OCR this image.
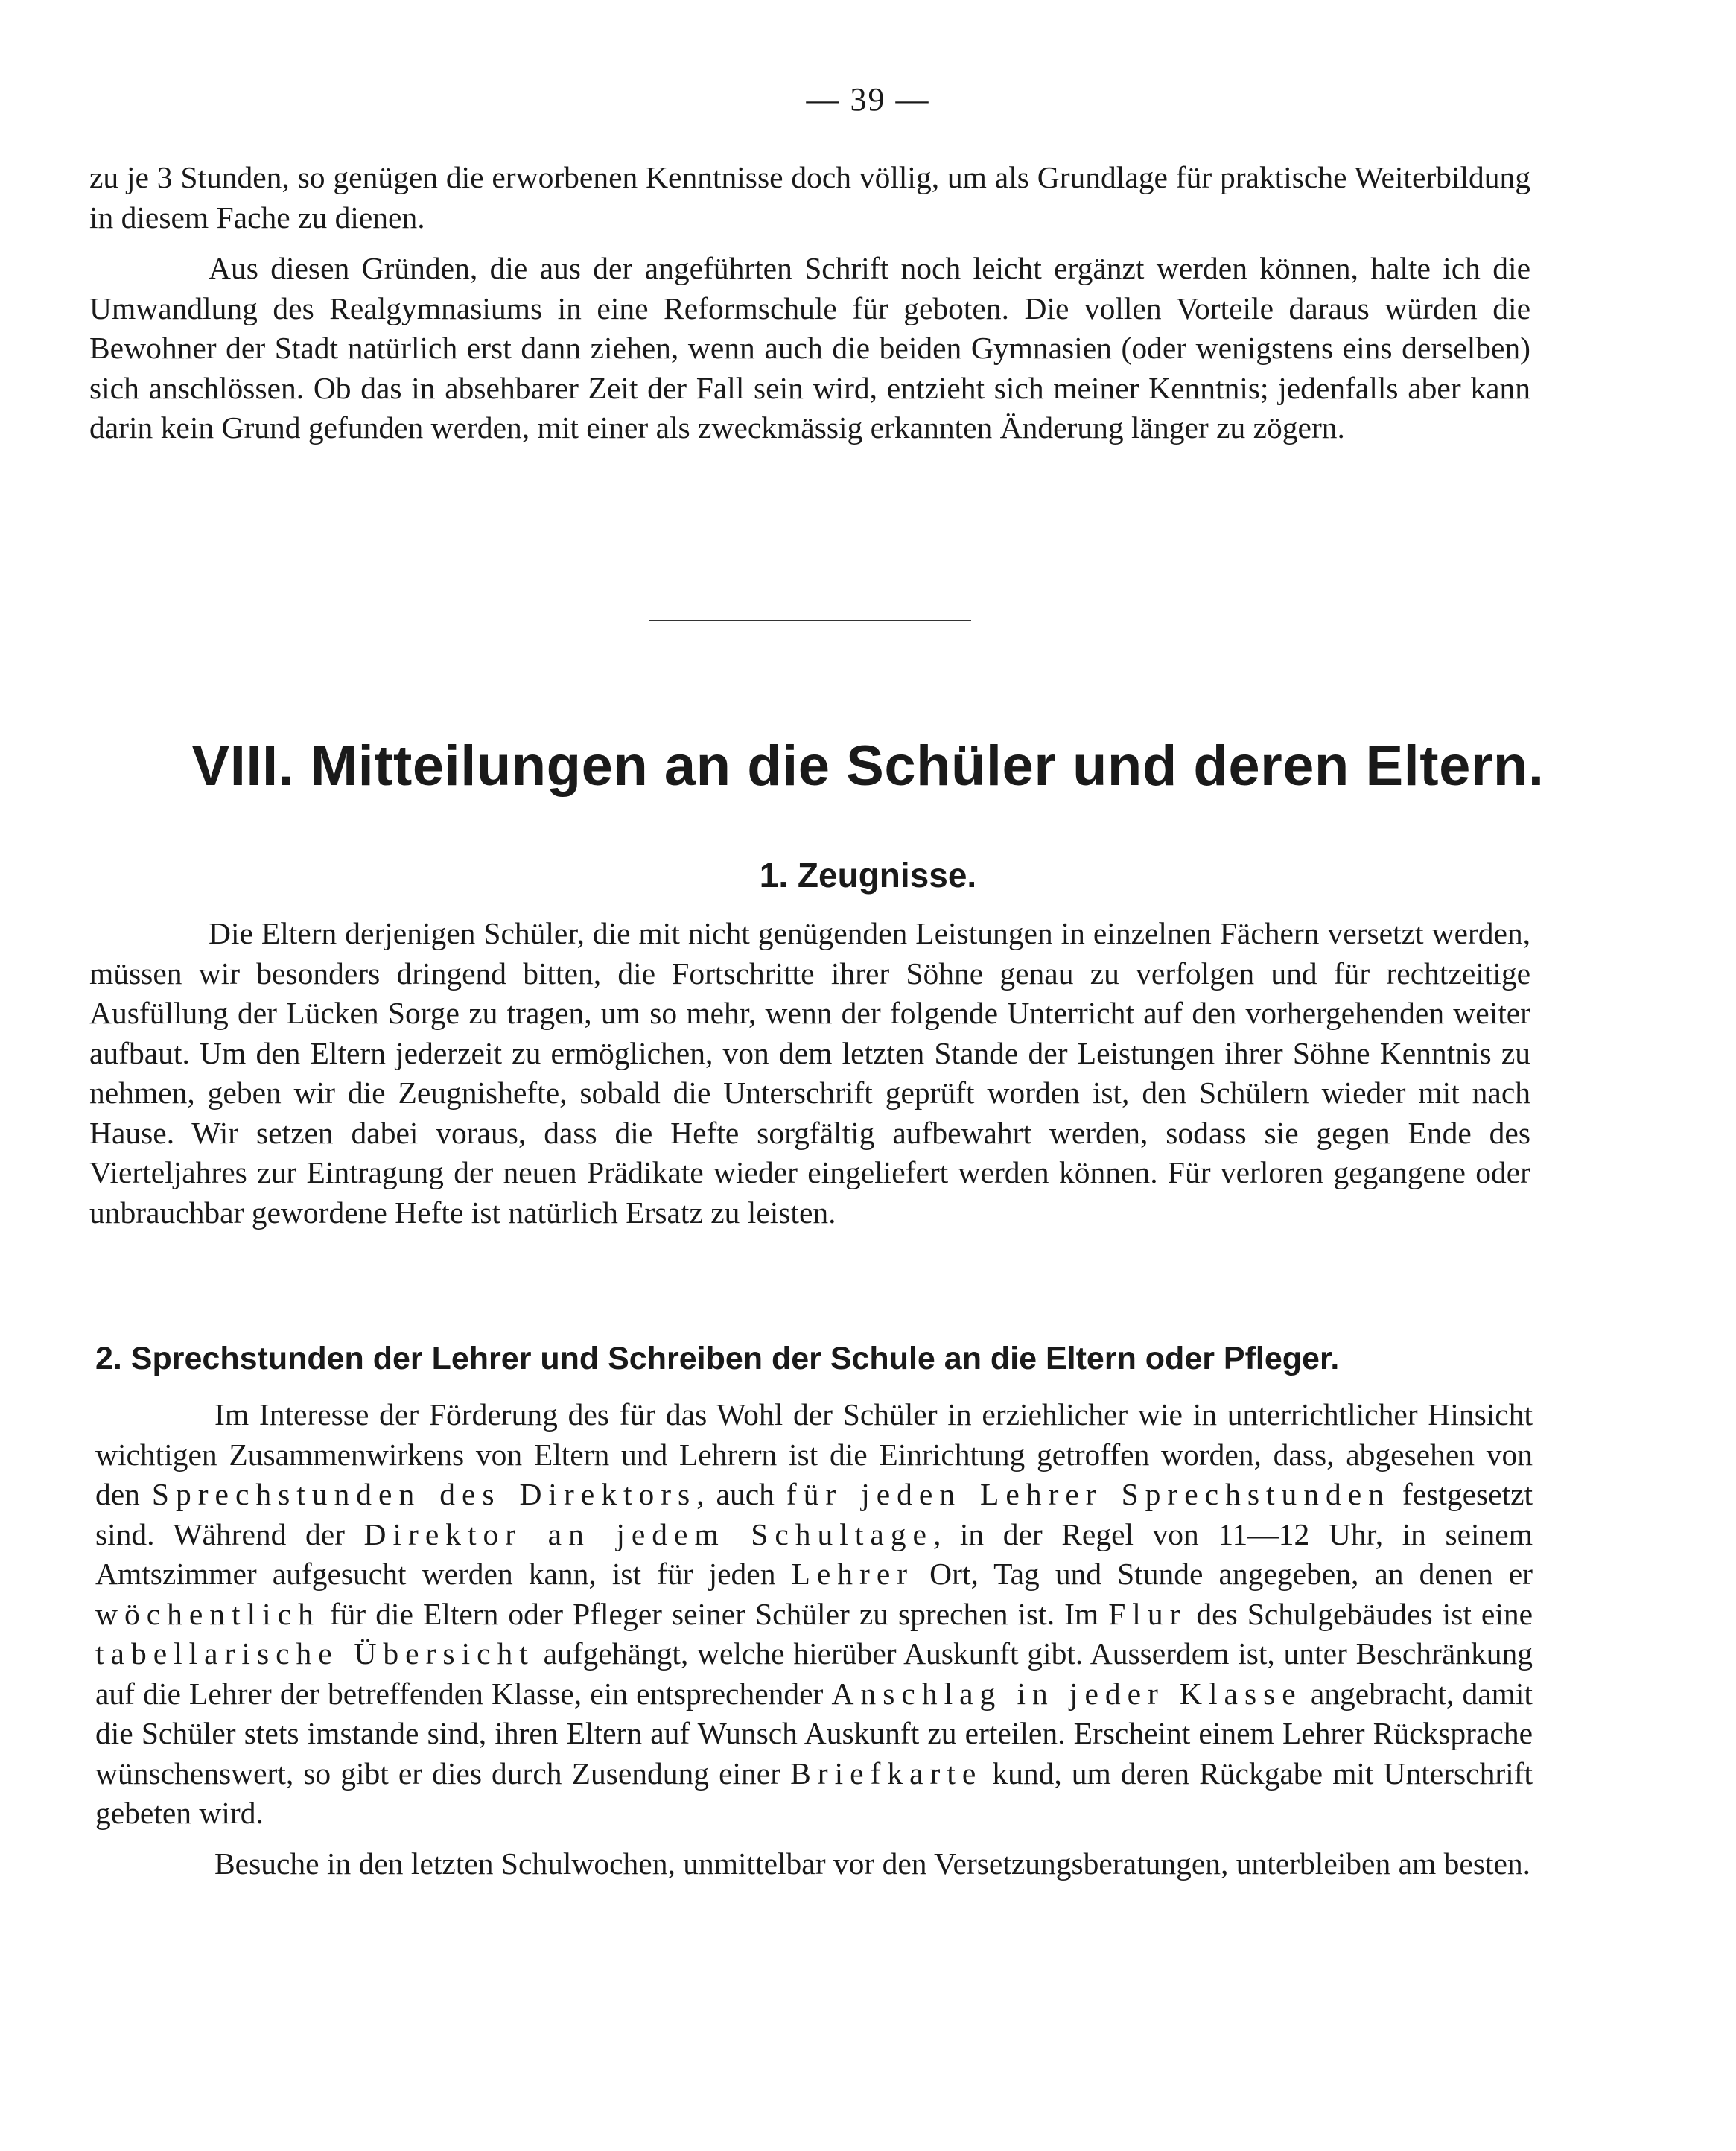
— 39 —

zu je 3 Stunden, so genügen die erworbenen Kenntnisse doch völlig, um als Grundlage für praktische Weiterbildung in diesem Fache zu dienen.

Aus diesen Gründen, die aus der angeführten Schrift noch leicht ergänzt werden können, halte ich die Umwandlung des Realgymnasiums in eine Reformschule für geboten. Die vollen Vorteile daraus würden die Bewohner der Stadt natürlich erst dann ziehen, wenn auch die beiden Gymnasien (oder wenigstens eins derselben) sich anschlössen. Ob das in absehbarer Zeit der Fall sein wird, entzieht sich meiner Kenntnis; jedenfalls aber kann darin kein Grund gefunden werden, mit einer als zweckmässig erkannten Änderung länger zu zögern.

VIII. Mitteilungen an die Schüler und deren Eltern.
1. Zeugnisse.

Die Eltern derjenigen Schüler, die mit nicht genügenden Leistungen in einzelnen Fächern versetzt werden, müssen wir besonders dringend bitten, die Fortschritte ihrer Söhne genau zu verfolgen und für rechtzeitige Ausfüllung der Lücken Sorge zu tragen, um so mehr, wenn der folgende Unterricht auf den vorhergehenden weiter aufbaut. Um den Eltern jederzeit zu ermöglichen, von dem letzten Stande der Leistungen ihrer Söhne Kenntnis zu nehmen, geben wir die Zeugnishefte, sobald die Unterschrift geprüft worden ist, den Schülern wieder mit nach Hause. Wir setzen dabei voraus, dass die Hefte sorgfältig aufbewahrt werden, sodass sie gegen Ende des Vierteljahres zur Eintragung der neuen Prädikate wieder eingeliefert werden können. Für verloren gegangene oder unbrauchbar gewordene Hefte ist natürlich Ersatz zu leisten.

2. Sprechstunden der Lehrer und Schreiben der Schule an die Eltern oder Pfleger.

Im Interesse der Förderung des für das Wohl der Schüler in erziehlicher wie in unterrichtlicher Hinsicht wichtigen Zusammenwirkens von Eltern und Lehrern ist die Einrichtung getroffen worden, dass, abgesehen von den Sprechstunden des Direktors, auch für jeden Lehrer Sprechstunden festgesetzt sind. Während der Direktor an jedem Schultage, in der Regel von 11—12 Uhr, in seinem Amtszimmer aufgesucht werden kann, ist für jeden Lehrer Ort, Tag und Stunde angegeben, an denen er wöchentlich für die Eltern oder Pfleger seiner Schüler zu sprechen ist. Im Flur des Schulgebäudes ist eine tabellarische Übersicht aufgehängt, welche hierüber Auskunft gibt. Ausserdem ist, unter Beschränkung auf die Lehrer der betreffenden Klasse, ein entsprechender Anschlag in jeder Klasse angebracht, damit die Schüler stets imstande sind, ihren Eltern auf Wunsch Auskunft zu erteilen. Erscheint einem Lehrer Rücksprache wünschenswert, so gibt er dies durch Zusendung einer Briefkarte kund, um deren Rückgabe mit Unterschrift gebeten wird.

Besuche in den letzten Schulwochen, unmittelbar vor den Versetzungsberatungen, unterbleiben am besten.
